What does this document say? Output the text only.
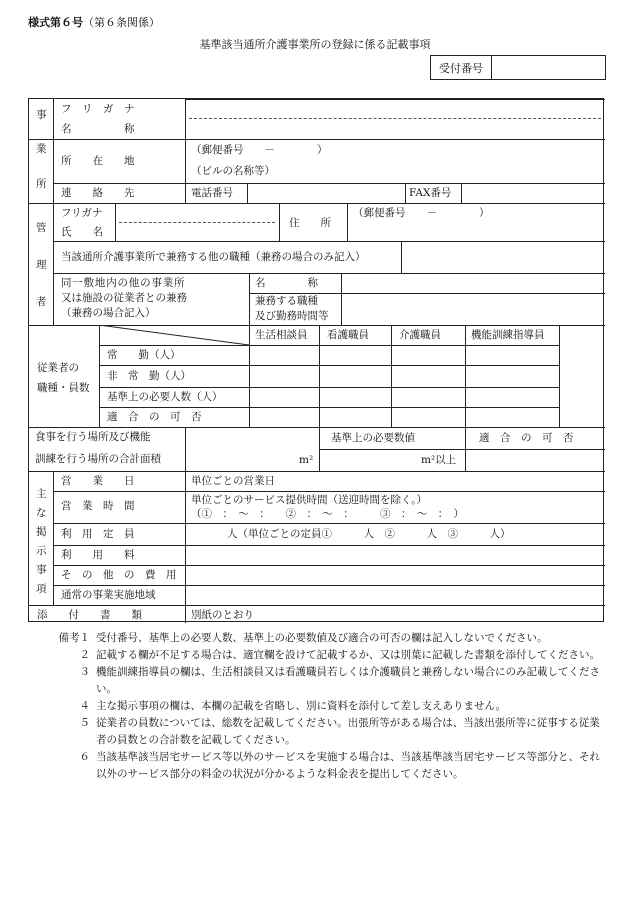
様式第６号（第６条関係）
基準該当通所介護事業所の登録に係る記載事項
受付番号
事
業
所
フ　リ　ガ　ナ
名　　　　　称
所　　在　　地
（郵便番号　　－　　　　）
（ビルの名称等）
連　　絡　　先	電話番号	FAX番号
管
理
者
フリガナ
氏　　名
住　　所
（郵便番号　　－　　　　）
当該通所介護事業所で兼務する他の職種（兼務の場合のみ記入）
同一敷地内の他の事業所
又は施設の従業者との兼務
（兼務の場合記入）
名　　　　称
兼務する職種
及び勤務時間等
従業者の
職種・員数
生活相談員 看護職員	介護職員	機能訓練指導員
常　　勤（人）
非　常　勤（人）
基準上の必要人数（人）
適　合　の　可　否
食事を行う場所及び機能
訓練を行う場所の合計面積
基準上の必要数値	適　合　の　可　否
m²	m²以上
主
な
掲
示
事
項
営　　業　　日	単位ごとの営業日
営　業　時　間	単位ごとのサービス提供時間（送迎時間を除く。）
（①　：　～　：　　②　：　～　：　　　③　：　～　：　）
利　用　定　員	人（単位ごとの定員①　　　人　②　　　人　③　　　人）
利　　用　　料
そ　の　他　の　費　用
通常の事業実施地域
添　　付　　書　　類	別紙のとおり

備考１ 受付番号、基準上の必要人数、基準上の必要数値及び適合の可否の欄は記入しないでください。

２ 記載する欄が不足する場合は、適宜欄を設けて記載するか、又は別葉に記載した書類を添付してください。

３ 機能訓練指導員の欄は、生活相談員又は看護職員若しくは介護職員と兼務しない場合にのみ記載してください。

４ 主な掲示事項の欄は、本欄の記載を省略し、別に資料を添付して差し支えありません。

５ 従業者の員数については、総数を記載してください。出張所等がある場合は、当該出張所等に従事する従業者の員数との合計数を記載してください。

６ 当該基準該当居宅サービス等以外のサービスを実施する場合は、当該基準該当居宅サービス等部分と、それ以外のサービス部分の料金の状況が分かるような料金表を提出してください。
